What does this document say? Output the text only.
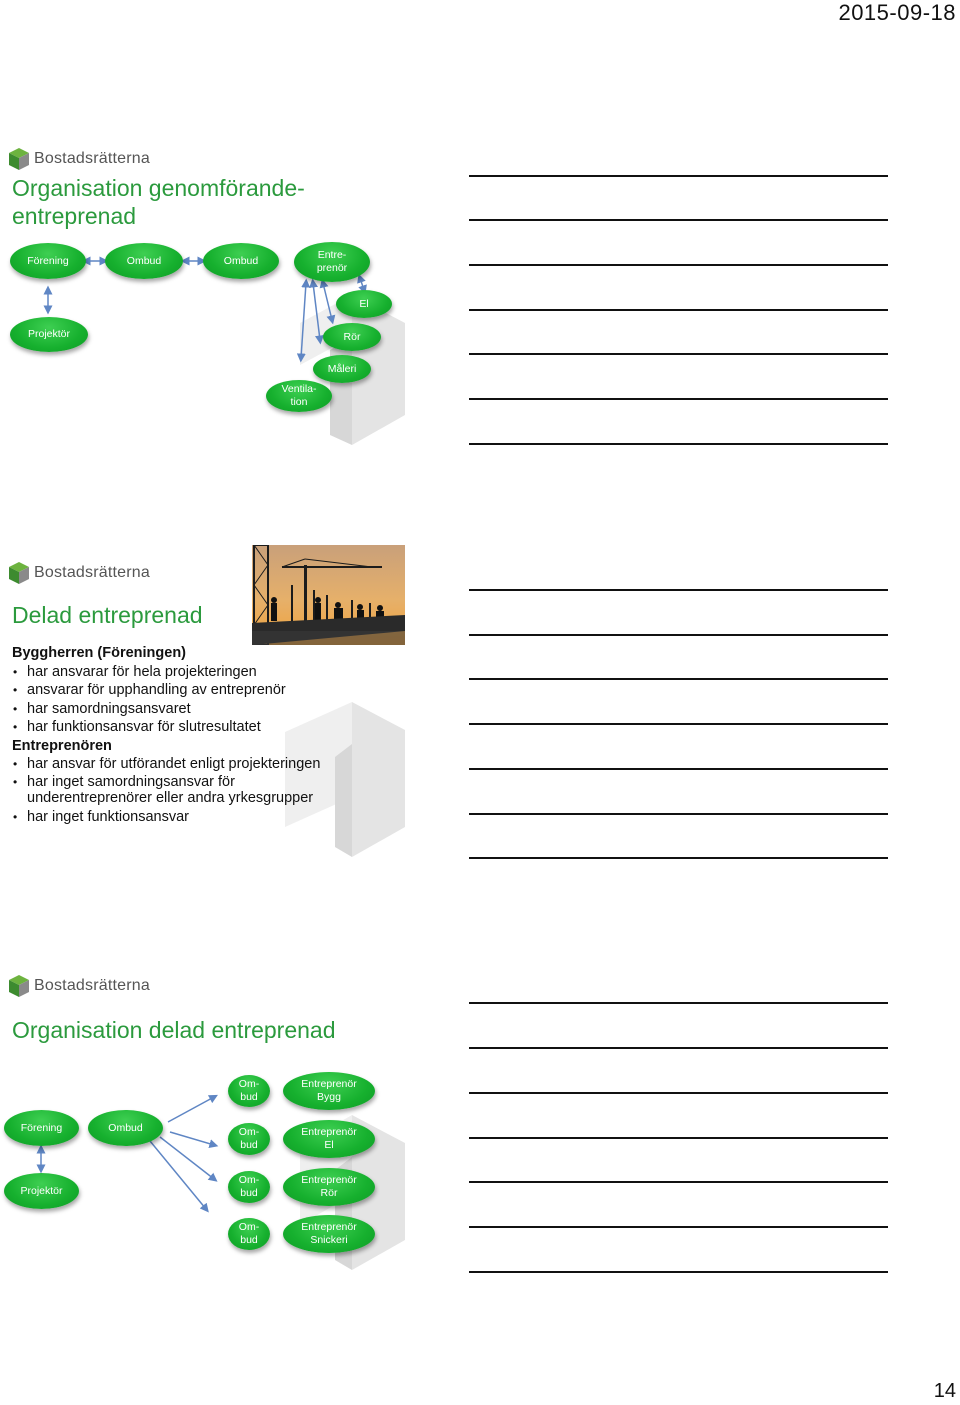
2015-09-18
14
Bostadsrätterna
Organisation genomförande-entreprenad
Förening	Ombud	Ombud	Entre-prenör
El
Projektör	Rör
Måleri
Ventila-tion
Bostadsrätterna
Delad entreprenad
Byggherren (Föreningen)
• har ansvarar för hela projekteringen
• ansvarar för upphandling av entreprenör
• har samordningsansvaret
• har funktionsansvar för slutresultatet
Entreprenören
• har ansvar för utförandet enligt projekteringen
• har inget samordningsansvar för underentreprenörer eller andra yrkesgrupper
• har inget funktionsansvar
Bostadsrätterna
Organisation delad entreprenad
Förening	Ombud
Projektör
Om-bud
Om-bud
Om-bud
Om-bud
Entreprenör Bygg
Entreprenör El
Entreprenör Rör
Entreprenör Snickeri
